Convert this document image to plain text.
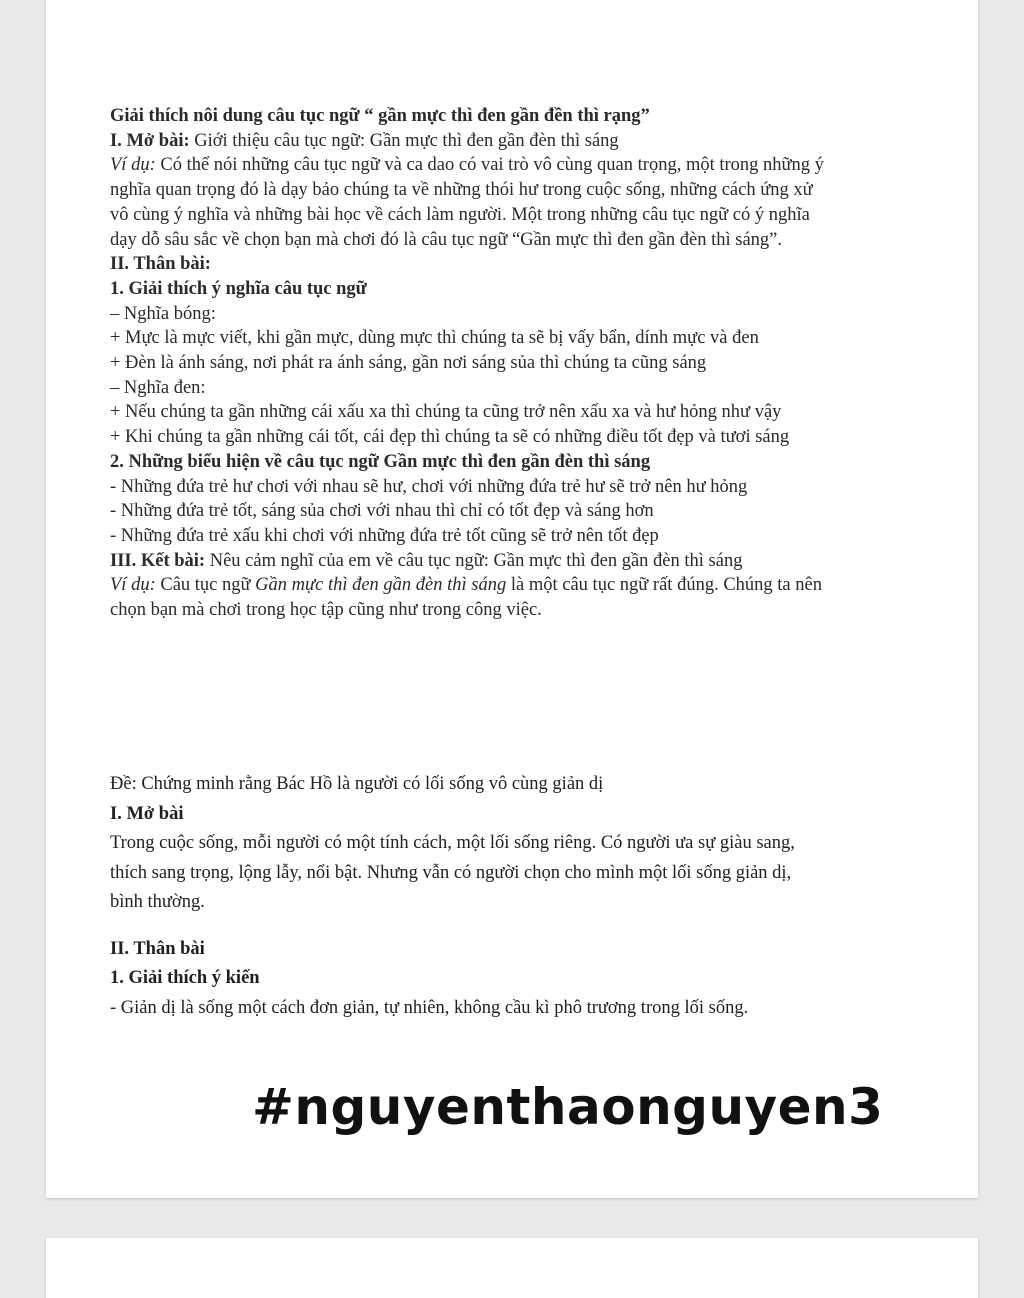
Giải thích nôi dung câu tục ngữ “ gần mực thì đen gần đền thì rạng”

I. Mở bài: Giới thiệu câu tục ngữ: Gần mực thì đen gần đèn thì sáng

Ví dụ: Có thể nói những câu tục ngữ và ca dao có vai trò vô cùng quan trọng, một trong những ý nghĩa quan trọng đó là dạy bảo chúng ta về những thói hư trong cuộc sống, những cách ứng xử vô cùng ý nghĩa và những bài học về cách làm người. Một trong những câu tục ngữ có ý nghĩa dạy dỗ sâu sắc về chọn bạn mà chơi đó là câu tục ngữ “Gần mực thì đen gần đèn thì sáng”.

II. Thân bài:

1. Giải thích ý nghĩa câu tục ngữ

– Nghĩa bóng:

+ Mực là mực viết, khi gần mực, dùng mực thì chúng ta sẽ bị vấy bẩn, dính mực và đen

+ Đèn là ánh sáng, nơi phát ra ánh sáng, gần nơi sáng sủa thì chúng ta cũng sáng

– Nghĩa đen:

+ Nếu chúng ta gần những cái xấu xa thì chúng ta cũng trở nên xấu xa và hư hỏng như vậy

+ Khi chúng ta gần những cái tốt, cái đẹp thì chúng ta sẽ có những điều tốt đẹp và tươi sáng

2. Những biểu hiện về câu tục ngữ Gần mực thì đen gần đèn thì sáng

- Những đứa trẻ hư chơi với nhau sẽ hư, chơi với những đứa trẻ hư sẽ trở nên hư hỏng

- Những đứa trẻ tốt, sáng sủa chơi với nhau thì chỉ có tốt đẹp và sáng hơn

- Những đứa trẻ xấu khi chơi với những đứa trẻ tốt cũng sẽ trở nên tốt đẹp

III. Kết bài: Nêu cảm nghĩ của em về câu tục ngữ: Gần mực thì đen gần đèn thì sáng

Ví dụ: Câu tục ngữ Gần mực thì đen gần đèn thì sáng là một câu tục ngữ rất đúng. Chúng ta nên chọn bạn mà chơi trong học tập cũng như trong công việc.

Đề: Chứng minh rằng Bác Hồ là người có lối sống vô cùng giản dị

I. Mở bài

Trong cuộc sống, mỗi người có một tính cách, một lối sống riêng. Có người ưa sự giàu sang, thích sang trọng, lộng lẫy, nổi bật. Nhưng vẫn có người chọn cho mình một lối sống giản dị, bình thường.

II. Thân bài

1. Giải thích ý kiến

- Giản dị là sống một cách đơn giản, tự nhiên, không cầu kì phô trương trong lối sống.

#nguyenthaonguyen3
